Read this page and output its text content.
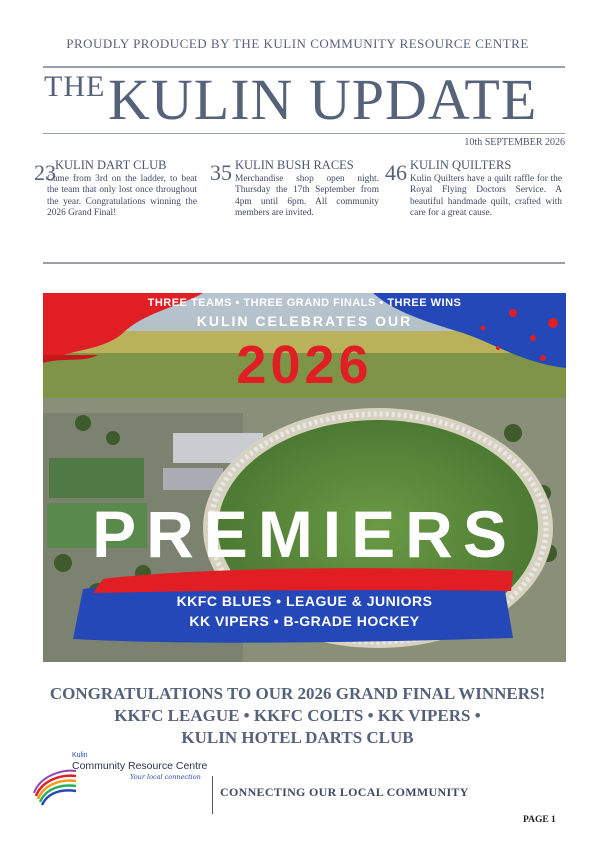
PROUDLY PRODUCED BY THE KULIN COMMUNITY RESOURCE CENTRE
THE KULIN UPDATE
10th SEPTEMBER 2026
23 KULIN DART CLUB
Came from 3rd on the ladder, to beat the team that only lost once throughout the year. Congratulations winning the 2026 Grand Final!
35 KULIN BUSH RACES
Merchandise shop open night. Thursday the 17th September from 4pm until 6pm. All community members are invited.
46 KULIN QUILTERS
Kulin Quilters have a quilt raffle for the Royal Flying Doctors Service. A beautiful handmade quilt, crafted with care for a great cause.
THREE TEAMS • THREE GRAND FINALS • THREE WINS
KULIN CELEBRATES OUR
2026
PREMIERS
KKFC BLUES • LEAGUE & JUNIORS
KK VIPERS • B-GRADE HOCKEY
CONGRATULATIONS TO OUR 2026 GRAND FINAL WINNERS!
KKFC LEAGUE • KKFC COLTS • KK VIPERS •
KULIN HOTEL DARTS CLUB
Kulin
Community Resource Centre
Your local connection
CONNECTING OUR LOCAL COMMUNITY
PAGE 1
